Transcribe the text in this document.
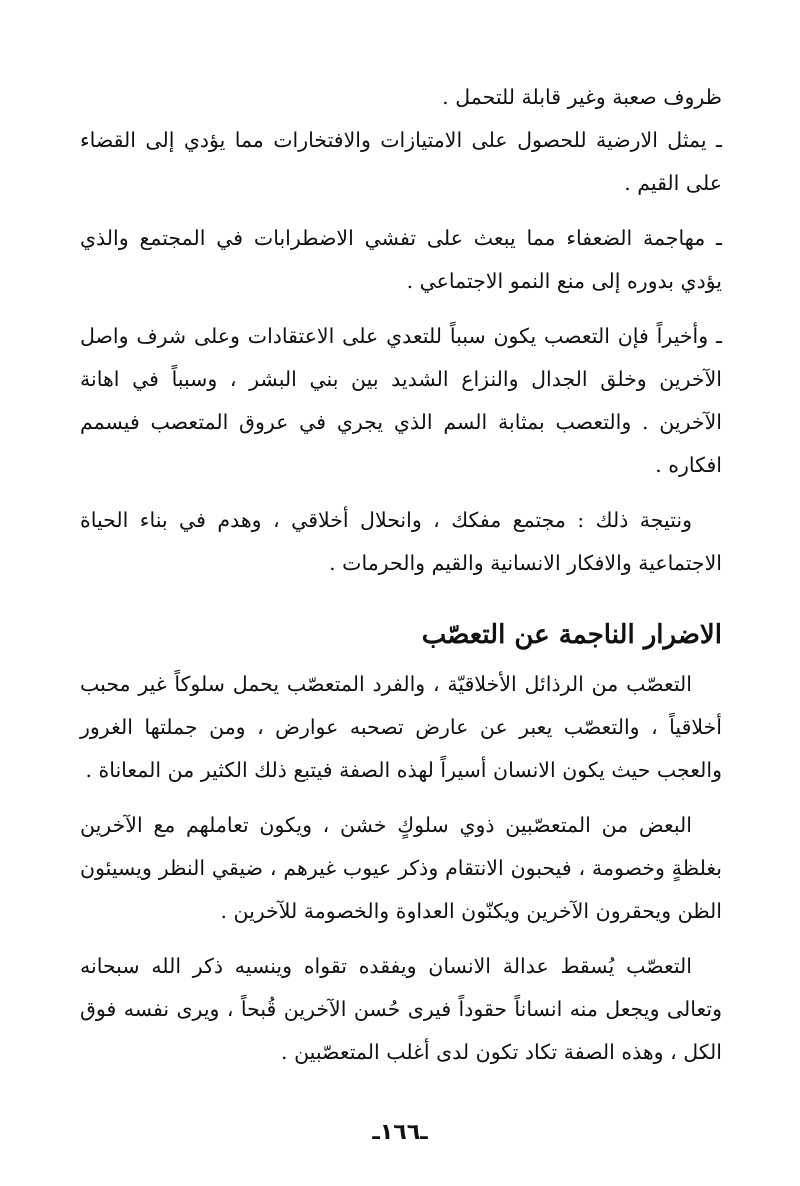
ظروف صعبة وغير قابلة للتحمل .

ـ يمثل الارضية للحصول على الامتيازات والافتخارات مما يؤدي إلى القضاء على القيم .

ـ مهاجمة الضعفاء مما يبعث على تفشي الاضطرابات في المجتمع والذي يؤدي بدوره إلى منع النمو الاجتماعي .

ـ وأخيراً فإن التعصب يكون سبباً للتعدي على الاعتقادات وعلى شرف واصل الآخرين وخلق الجدال والنزاع الشديد بين بني البشر ، وسبباً في اهانة الآخرين . والتعصب بمثابة السم الذي يجري في عروق المتعصب فيسمم افكاره .

ونتيجة ذلك : مجتمع مفكك ، وانحلال أخلاقي ، وهدم في بناء الحياة الاجتماعية والافكار الانسانية والقيم والحرمات .

الاضرار الناجمة عن التعصّب

التعصّب من الرذائل الأخلاقيّة ، والفرد المتعصّب يحمل سلوكاً غير محبب أخلاقياً ، والتعصّب يعبر عن عارض تصحبه عوارض ، ومن جملتها الغرور والعجب حيث يكون الانسان أسيراً لهذه الصفة فيتبع ذلك الكثير من المعاناة .

البعض من المتعصّبين ذوي سلوكٍ خشن ، ويكون تعاملهم مع الآخرين بغلظةٍ وخصومة ، فيحبون الانتقام وذكر عيوب غيرهم ، ضيقي النظر ويسيئون الظن ويحقرون الآخرين ويكنّون العداوة والخصومة للآخرين .

التعصّب يُسقط عدالة الانسان ويفقده تقواه وينسيه ذكر الله سبحانه وتعالى ويجعل منه انساناً حقوداً فيرى حُسن الآخرين قُبحاً ، ويرى نفسه فوق الكل ، وهذه الصفة تكاد تكون لدى أغلب المتعصّبين .

ـ١٦٦ـ
